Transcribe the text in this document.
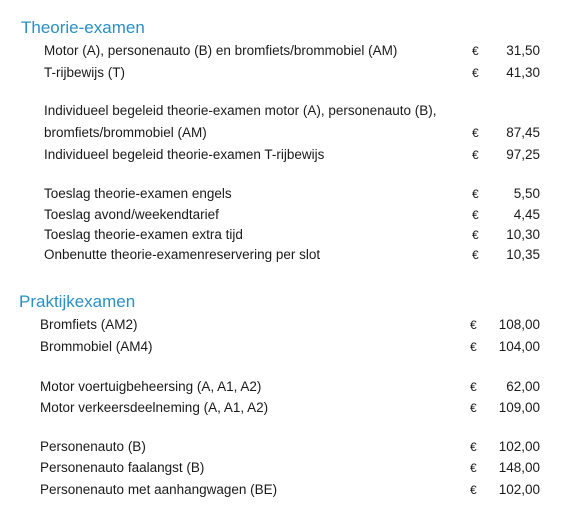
Theorie-examen
Motor (A), personenauto (B) en bromfiets/brommobiel (AM)	€ 31,50
T-rijbewijs (T)	€ 41,30
Individueel begeleid theorie-examen motor (A), personenauto (B),
bromfiets/brommobiel (AM)	€ 87,45
Individueel begeleid theorie-examen T-rijbewijs	€ 97,25
Toeslag theorie-examen engels	€	5,50
Toeslag avond/weekendtarief	€	4,45
Toeslag theorie-examen extra tijd	€ 10,30
Onbenutte theorie-examenreservering per slot	€ 10,35
Praktijkexamen
Bromfiets (AM2)	€ 108,00
Brommobiel (AM4)	€ 104,00
Motor voertuigbeheersing (A, A1, A2)	€ 62,00
Motor verkeersdeelneming (A, A1, A2)	€ 109,00
Personenauto (B)	€ 102,00
Personenauto faalangst (B)	€ 148,00
Personenauto met aanhangwagen (BE)	€ 102,00
